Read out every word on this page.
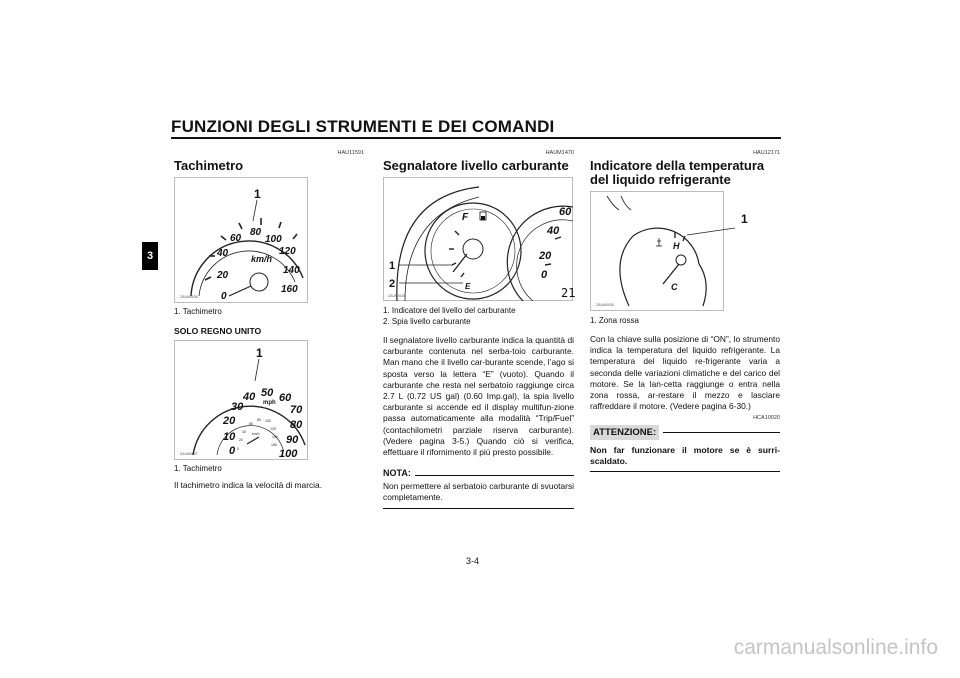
FUNZIONI DEGLI STRUMENTI E DEI COMANDI
3
HAU11591
Tachimetro
20
40
60
80
100
120
140
160
0
km/h
1
ZAUM0036
1. Tachimetro
SOLO REGNO UNITO
0
10
20
30
40 50 60
70
80
90
100
mph
0
20
40
60
80 100
120
140
160
km/h
1
ZAUM0037
1. Tachimetro
Il tachimetro indica la velocità di marcia.
HAUM1470
Segnalatore livello carburante
F
E
60
40
20
0
21
1
2
ZAUM0036
1. Indicatore del livello del carburante
2. Spia livello carburante
Il segnalatore livello carburante indica la quantità di carburante contenuta nel serba-toio carburante. Man mano che il livello car-burante scende, l’ago si sposta verso la lettera “E” (vuoto). Quando il carburante che resta nel serbatoio raggiunge circa 2.7 L (0.72 US gal) (0.60 Imp.gal), la spia livello carburante si accende ed il display multifun-zione passa automaticamente alla modalità “Trip/Fuel” (contachilometri parziale riserva carburante). (Vedere pagina 3-5.) Quando ciò si verifica, effettuare il rifornimento il più presto possibile.
NOTA:
Non permettere al serbatoio carburante di svuotarsi completamente.
HAU12171
Indicatore della temperatura del liquido refrigerante
H
C
1
ZAUM0038
1. Zona rossa
Con la chiave sulla posizione di “ON”, lo strumento indica la temperatura del liquido refrigerante. La temperatura del liquido re-frigerante varia a seconda delle variazioni climatiche e del carico del motore. Se la lan-cetta raggiunge o entra nella zona rossa, ar-restare il mezzo e lasciare raffreddare il motore. (Vedere pagina 6-30.)
HCA10020
ATTENZIONE:
Non far funzionare il motore se è surri-scaldato.
3-4
carmanualsonline.info
